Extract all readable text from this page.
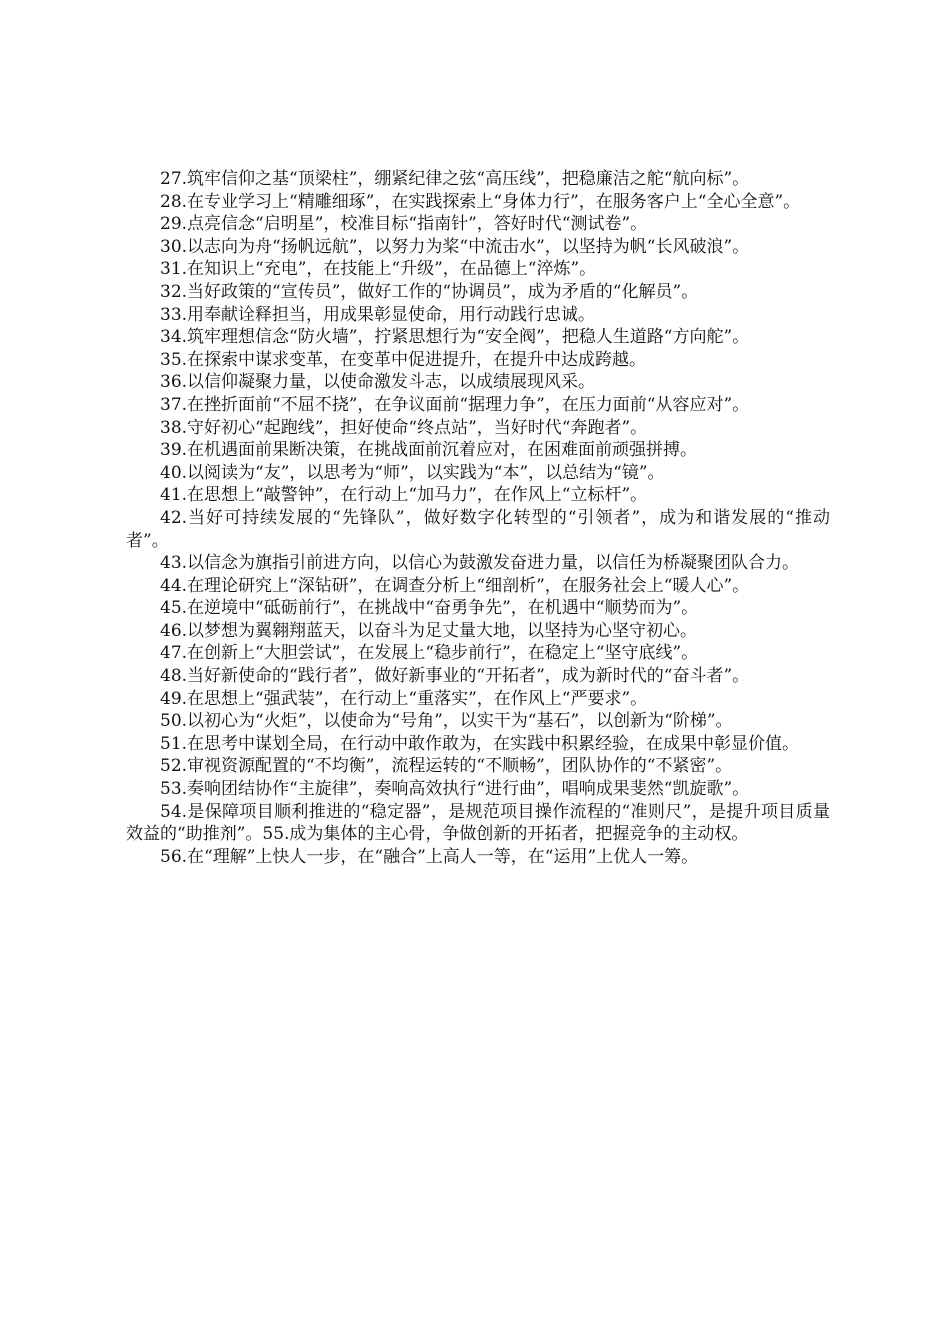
27.筑牢信仰之基“顶梁柱”，绷紧纪律之弦“高压线”，把稳廉洁之舵“航向标”。

28.在专业学习上“精雕细琢”，在实践探索上“身体力行”，在服务客户上“全心全意”。

29.点亮信念“启明星”，校准目标“指南针”，答好时代“测试卷”。

30.以志向为舟“扬帆远航”，以努力为桨“中流击水”，以坚持为帆“长风破浪”。

31.在知识上“充电”，在技能上“升级”，在品德上“淬炼”。

32.当好政策的“宣传员”，做好工作的“协调员”，成为矛盾的“化解员”。

33.用奉献诠释担当，用成果彰显使命，用行动践行忠诚。

34.筑牢理想信念“防火墙”，拧紧思想行为“安全阀”，把稳人生道路“方向舵”。

35.在探索中谋求变革，在变革中促进提升，在提升中达成跨越。

36.以信仰凝聚力量，以使命激发斗志，以成绩展现风采。

37.在挫折面前“不屈不挠”，在争议面前“据理力争”，在压力面前“从容应对”。

38.守好初心“起跑线”，担好使命“终点站”，当好时代“奔跑者”。

39.在机遇面前果断决策，在挑战面前沉着应对，在困难面前顽强拼搏。

40.以阅读为“友”，以思考为“师”，以实践为“本”，以总结为“镜”。

41.在思想上“敲警钟”，在行动上“加马力”，在作风上“立标杆”。

42.当好可持续发展的“先锋队”，做好数字化转型的“引领者”，成为和谐发展的“推动者”。

43.以信念为旗指引前进方向，以信心为鼓激发奋进力量，以信任为桥凝聚团队合力。

44.在理论研究上“深钻研”，在调查分析上“细剖析”，在服务社会上“暖人心”。

45.在逆境中“砥砺前行”，在挑战中“奋勇争先”，在机遇中“顺势而为”。

46.以梦想为翼翱翔蓝天，以奋斗为足丈量大地，以坚持为心坚守初心。

47.在创新上“大胆尝试”，在发展上“稳步前行”，在稳定上“坚守底线”。

48.当好新使命的“践行者”，做好新事业的“开拓者”，成为新时代的“奋斗者”。

49.在思想上“强武装”，在行动上“重落实”，在作风上“严要求”。

50.以初心为“火炬”，以使命为“号角”，以实干为“基石”，以创新为“阶梯”。

51.在思考中谋划全局，在行动中敢作敢为，在实践中积累经验，在成果中彰显价值。

52.审视资源配置的“不均衡”，流程运转的“不顺畅”，团队协作的“不紧密”。

53.奏响团结协作“主旋律”，奏响高效执行“进行曲”，唱响成果斐然“凯旋歌”。

54.是保障项目顺利推进的“稳定器”，是规范项目操作流程的“准则尺”，是提升项目质量效益的“助推剂”。55.成为集体的主心骨，争做创新的开拓者，把握竞争的主动权。

56.在“理解”上快人一步，在“融合”上高人一等，在“运用”上优人一筹。
